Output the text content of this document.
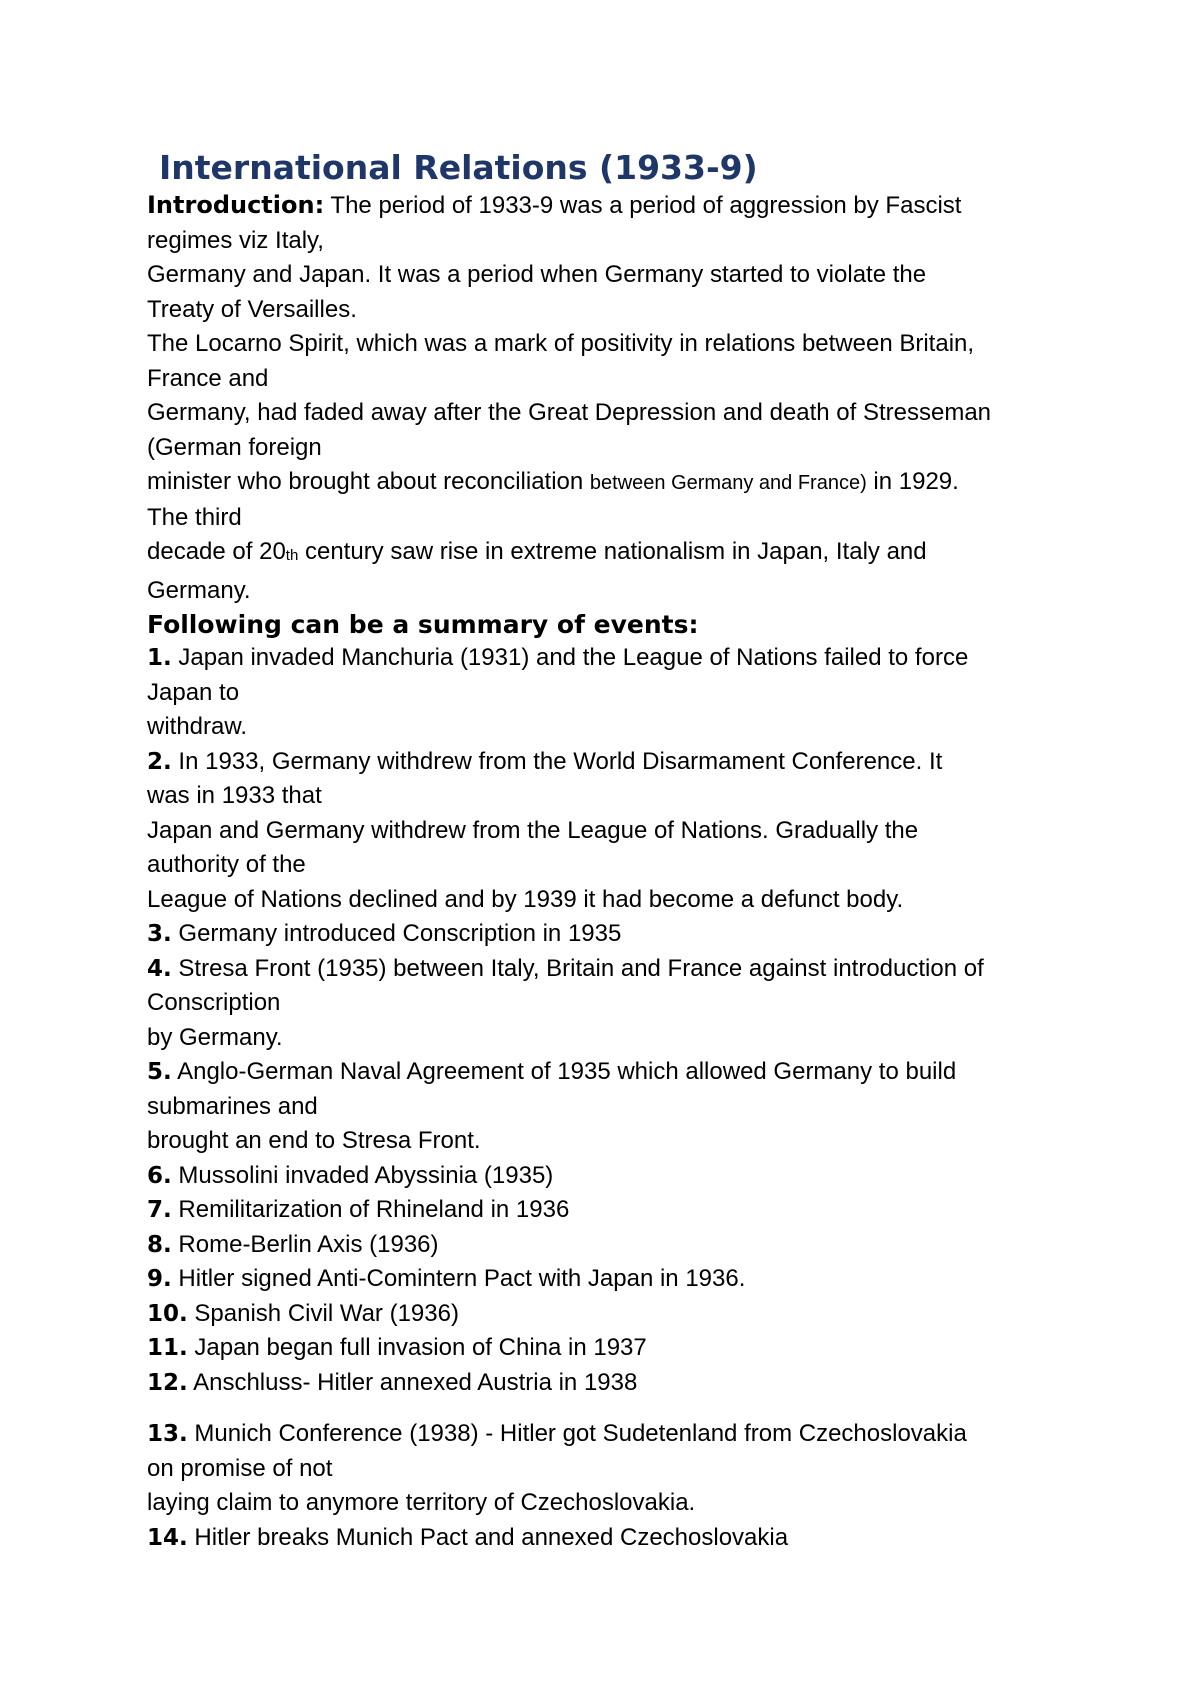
International Relations (1933-9)
Introduction: The period of 1933-9 was a period of aggression by Fascist
regimes viz Italy,
Germany and Japan. It was a period when Germany started to violate the
Treaty of Versailles.
The Locarno Spirit, which was a mark of positivity in relations between Britain,
France and
Germany, had faded away after the Great Depression and death of Stresseman
(German foreign
minister who brought about reconciliation between Germany and France) in 1929.
The third
decade of $20_{th}$ century saw rise in extreme nationalism in Japan, Italy and
Germany.
Following can be a summary of events:
1. Japan invaded Manchuria (1931) and the League of Nations failed to force
Japan to
withdraw.
2. In 1933, Germany withdrew from the World Disarmament Conference. It
was in 1933 that
Japan and Germany withdrew from the League of Nations. Gradually the
authority of the
League of Nations declined and by 1939 it had become a defunct body.
3. Germany introduced Conscription in 1935
4. Stresa Front (1935) between Italy, Britain and France against introduction of
Conscription
by Germany.
5. Anglo-German Naval Agreement of 1935 which allowed Germany to build
submarines and
brought an end to Stresa Front.
6. Mussolini invaded Abyssinia (1935)
7. Remilitarization of Rhineland in 1936
8. Rome-Berlin Axis (1936)
9. Hitler signed Anti-Comintern Pact with Japan in 1936.
10. Spanish Civil War (1936)
11. Japan began full invasion of China in 1937
12. Anschluss- Hitler annexed Austria in 1938
13. Munich Conference (1938) - Hitler got Sudetenland from Czechoslovakia
on promise of not
laying claim to anymore territory of Czechoslovakia.
14. Hitler breaks Munich Pact and annexed Czechoslovakia
